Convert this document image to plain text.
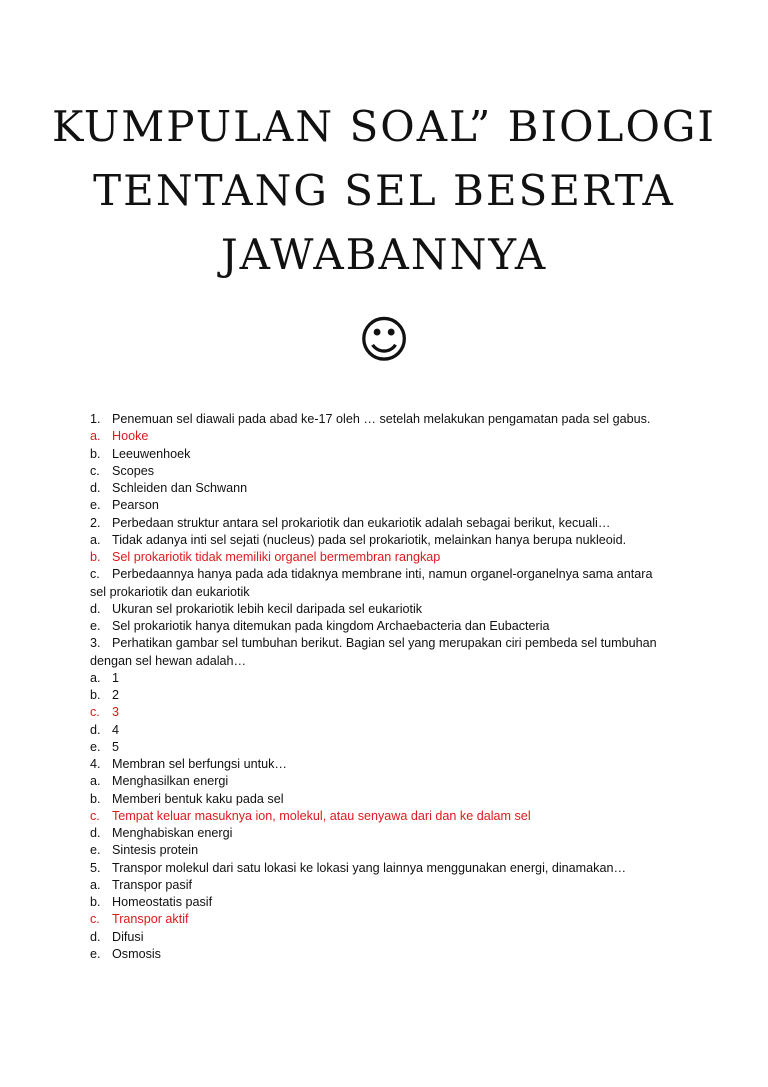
KUMPULAN SOAL” BIOLOGI
TENTANG SEL BESERTA
JAWABANNYA
☺
1. Penemuan sel diawali pada abad ke-17 oleh … setelah melakukan pengamatan pada sel gabus.
a. Hooke
b. Leeuwenhoek
c. Scopes
d. Schleiden dan Schwann
e. Pearson
2. Perbedaan struktur antara sel prokariotik dan eukariotik adalah sebagai berikut, kecuali…
a. Tidak adanya inti sel sejati (nucleus) pada sel prokariotik, melainkan hanya berupa nukleoid.
b. Sel prokariotik tidak memiliki organel bermembran rangkap
c. Perbedaannya hanya pada ada tidaknya membrane inti, namun organel-organelnya sama antara
sel prokariotik dan eukariotik
d. Ukuran sel prokariotik lebih kecil daripada sel eukariotik
e. Sel prokariotik hanya ditemukan pada kingdom Archaebacteria dan Eubacteria
3. Perhatikan gambar sel tumbuhan berikut. Bagian sel yang merupakan ciri pembeda sel tumbuhan
dengan sel hewan adalah…
a. 1
b. 2
c. 3
d. 4
e. 5
4. Membran sel berfungsi untuk…
a. Menghasilkan energi
b. Memberi bentuk kaku pada sel
c. Tempat keluar masuknya ion, molekul, atau senyawa dari dan ke dalam sel
d. Menghabiskan energi
e. Sintesis protein
5. Transpor molekul dari satu lokasi ke lokasi yang lainnya menggunakan energi, dinamakan…
a. Transpor pasif
b. Homeostatis pasif
c. Transpor aktif
d. Difusi
e. Osmosis
